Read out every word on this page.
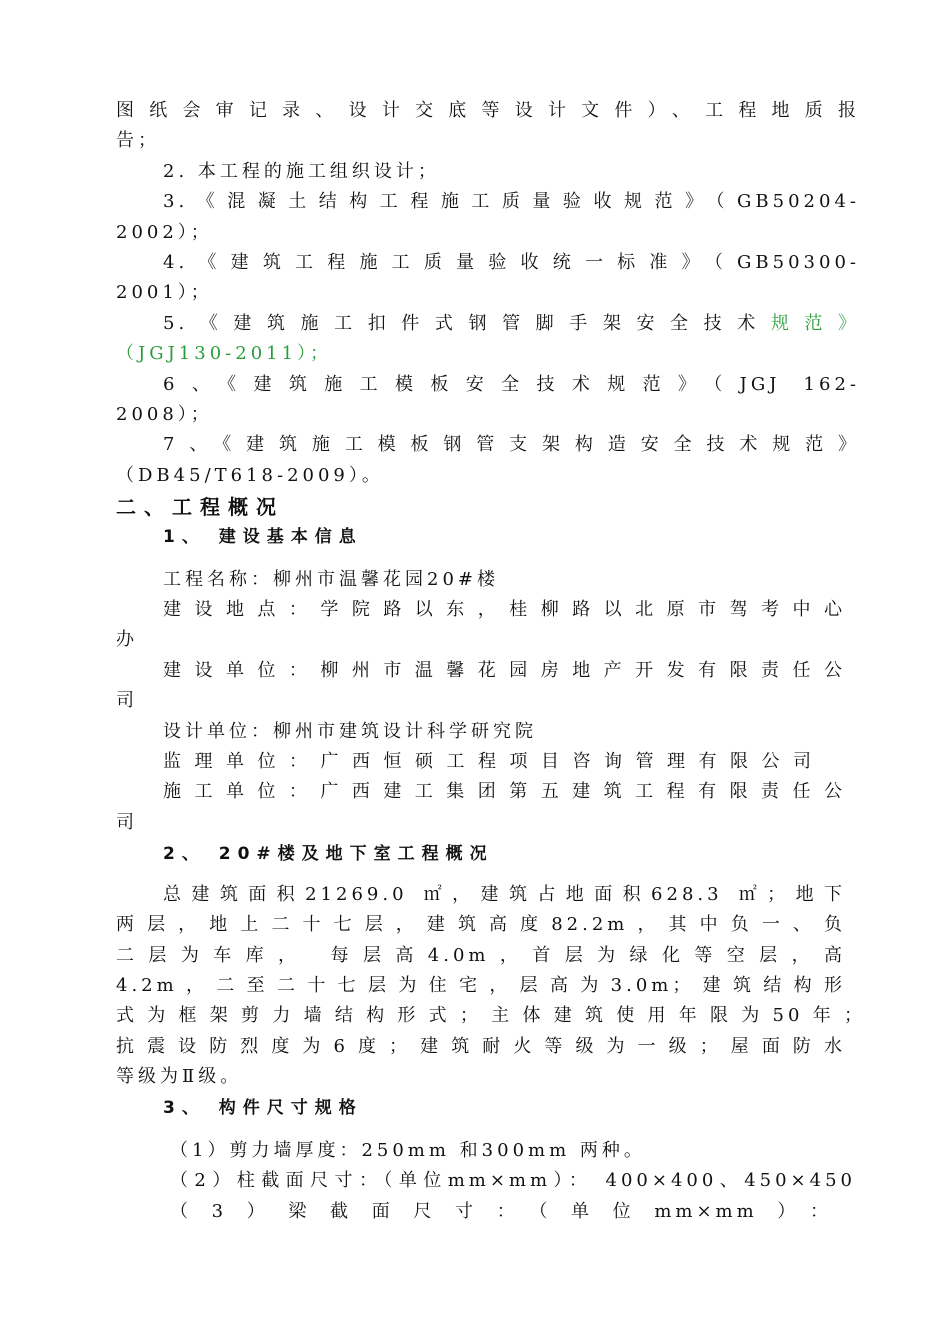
图纸会审记录、设计交底等设计文件）、工程地质报
告；
2. 本工程的施工组织设计；
3.《混凝土结构工程施工质量验收规范》（GB50204-
2002）；
4.《建筑工程施工质量验收统一标准》（GB50300-
2001）；
5.《建筑施工扣件式钢管脚手架安全技术规范》
（JGJ130-2011）；
6、《建筑施工模板安全技术规范》（JGJ 162-
2008）；
7、《建筑施工模板钢管支架构造安全技术规范》
（DB45/T618-2009）。
二、工程概况
1、 建设基本信息
工程名称：柳州市温馨花园20#楼
建设地点：学院路以东，桂柳路以北原市驾考中心
办
建设单位：柳州市温馨花园房地产开发有限责任公
司
设计单位：柳州市建筑设计科学研究院
监理单位：广西恒硕工程项目咨询管理有限公司
施工单位：广西建工集团第五建筑工程有限责任公
司
2、 20#楼及地下室工程概况
总建筑面积21269.0 ㎡，建筑占地面积628.3 ㎡；地下
两层，地上二十七层，建筑高度82.2m，其中负一、负
二层为车库， 每层高4.0m，首层为绿化等空层，高
4.2m，二至二十七层为住宅，层高为3.0m；建筑结构形
式为框架剪力墙结构形式；主体建筑使用年限为50年；
抗震设防烈度为6度；建筑耐火等级为一级；屋面防水
等级为Ⅱ级。
3、 构件尺寸规格
（1）剪力墙厚度：250mm 和300mm 两种。
（2）柱截面尺寸：（单位mm×mm）： 400×400、450×450
（3）梁截面尺寸：（单位mm×mm）：
